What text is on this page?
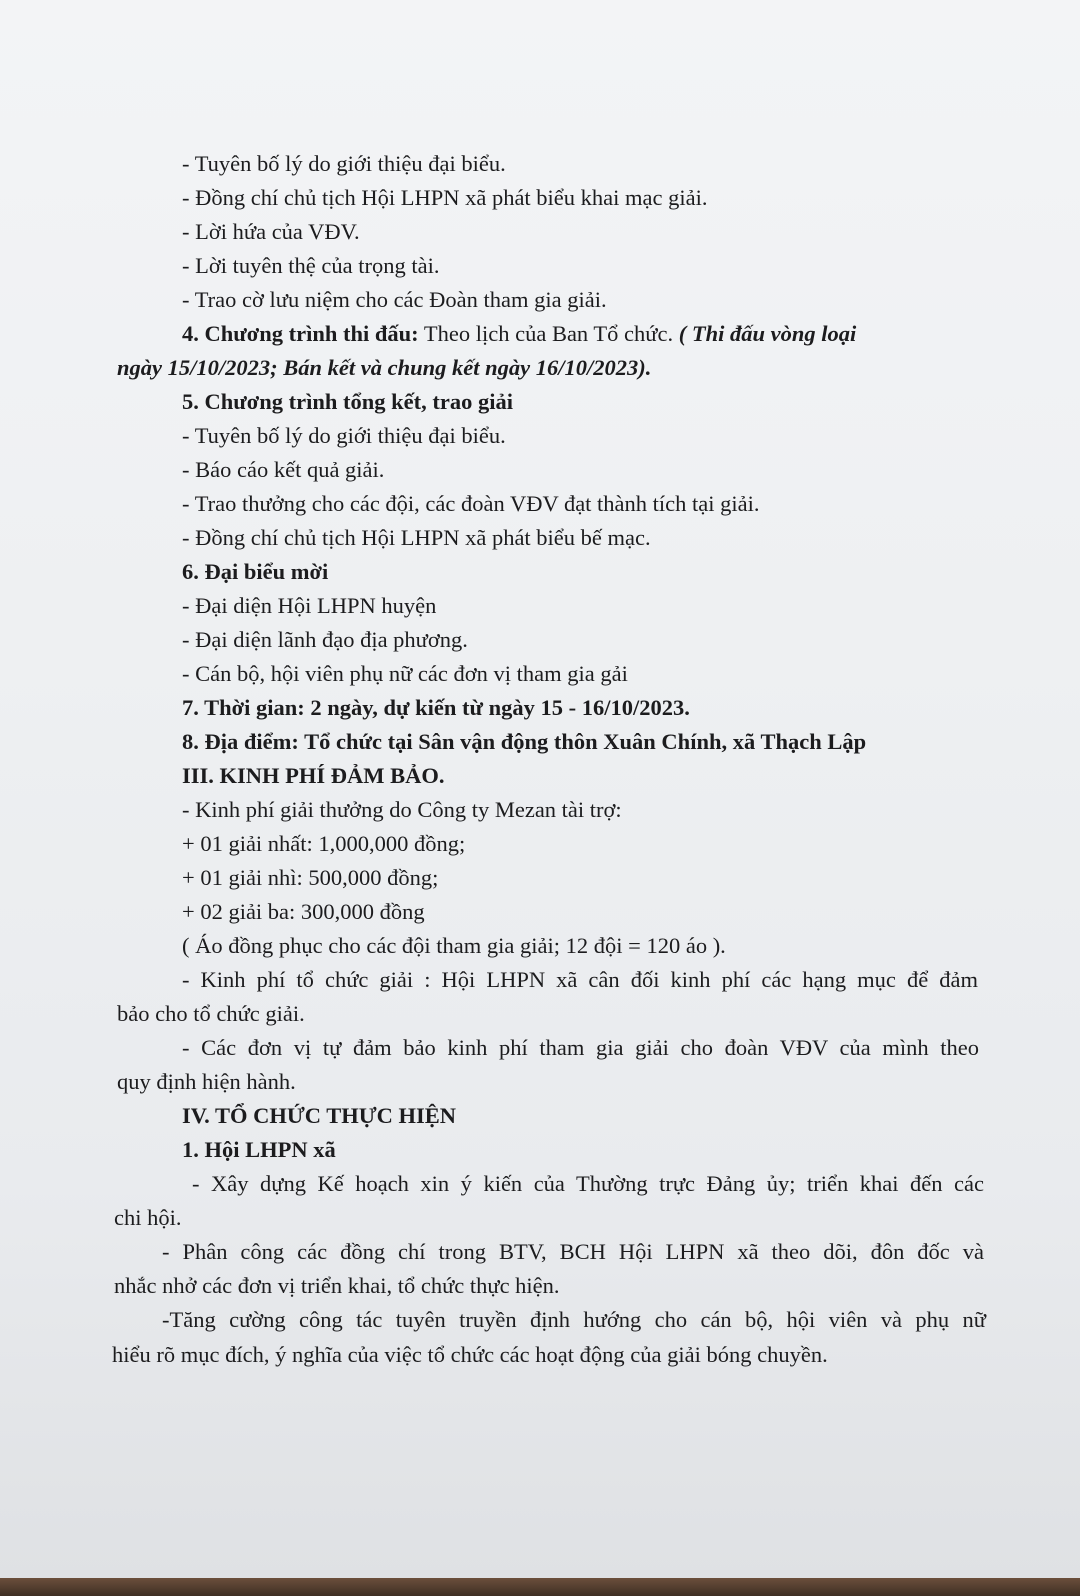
- Tuyên bố lý do giới thiệu đại biểu.
- Đồng chí chủ tịch Hội LHPN xã phát biểu khai mạc giải.
- Lời hứa của VĐV.
- Lời tuyên thệ của trọng tài.
- Trao cờ lưu niệm cho các Đoàn tham gia giải.
4. Chương trình thi đấu: Theo lịch của Ban Tổ chức. ( Thi đấu vòng loại
ngày 15/10/2023; Bán kết và chung kết ngày 16/10/2023).
5. Chương trình tổng kết, trao giải
- Tuyên bố lý do giới thiệu đại biểu.
- Báo cáo kết quả giải.
- Trao thưởng cho các đội, các đoàn VĐV đạt thành tích tại giải.
- Đồng chí chủ tịch Hội LHPN xã phát biểu bế mạc.
6. Đại biểu mời
- Đại diện Hội LHPN huyện
- Đại diện lãnh đạo địa phương.
- Cán bộ, hội viên phụ nữ các đơn vị tham gia gải
7. Thời gian: 2 ngày, dự kiến từ ngày 15 - 16/10/2023.
8. Địa điểm: Tổ chức tại Sân vận động thôn Xuân Chính, xã Thạch Lập
III. KINH PHÍ ĐẢM BẢO.
- Kinh phí giải thưởng do Công ty Mezan tài trợ:
+ 01 giải nhất: 1,000,000 đồng;
+ 01 giải nhì: 500,000 đồng;
+ 02 giải ba: 300,000 đồng
( Áo đồng phục cho các đội tham gia giải; 12 đội = 120 áo ).
- Kinh phí tổ chức giải : Hội LHPN xã cân đối kinh phí các hạng mục để đảm
bảo cho tổ chức giải.
- Các đơn vị tự đảm bảo kinh phí tham gia giải cho đoàn VĐV của mình theo
quy định hiện hành.
IV. TỔ CHỨC THỰC HIỆN
1. Hội LHPN xã
- Xây dựng Kế hoạch xin ý kiến của Thường trực Đảng ủy; triển khai đến các
chi hội.
- Phân công các đồng chí trong BTV, BCH Hội LHPN xã theo dõi, đôn đốc và
nhắc nhở các đơn vị triển khai, tổ chức thực hiện.
-Tăng cường công tác tuyên truyền định hướng cho cán bộ, hội viên và phụ nữ
hiểu rõ mục đích, ý nghĩa của việc tổ chức các hoạt động của giải bóng chuyền.
